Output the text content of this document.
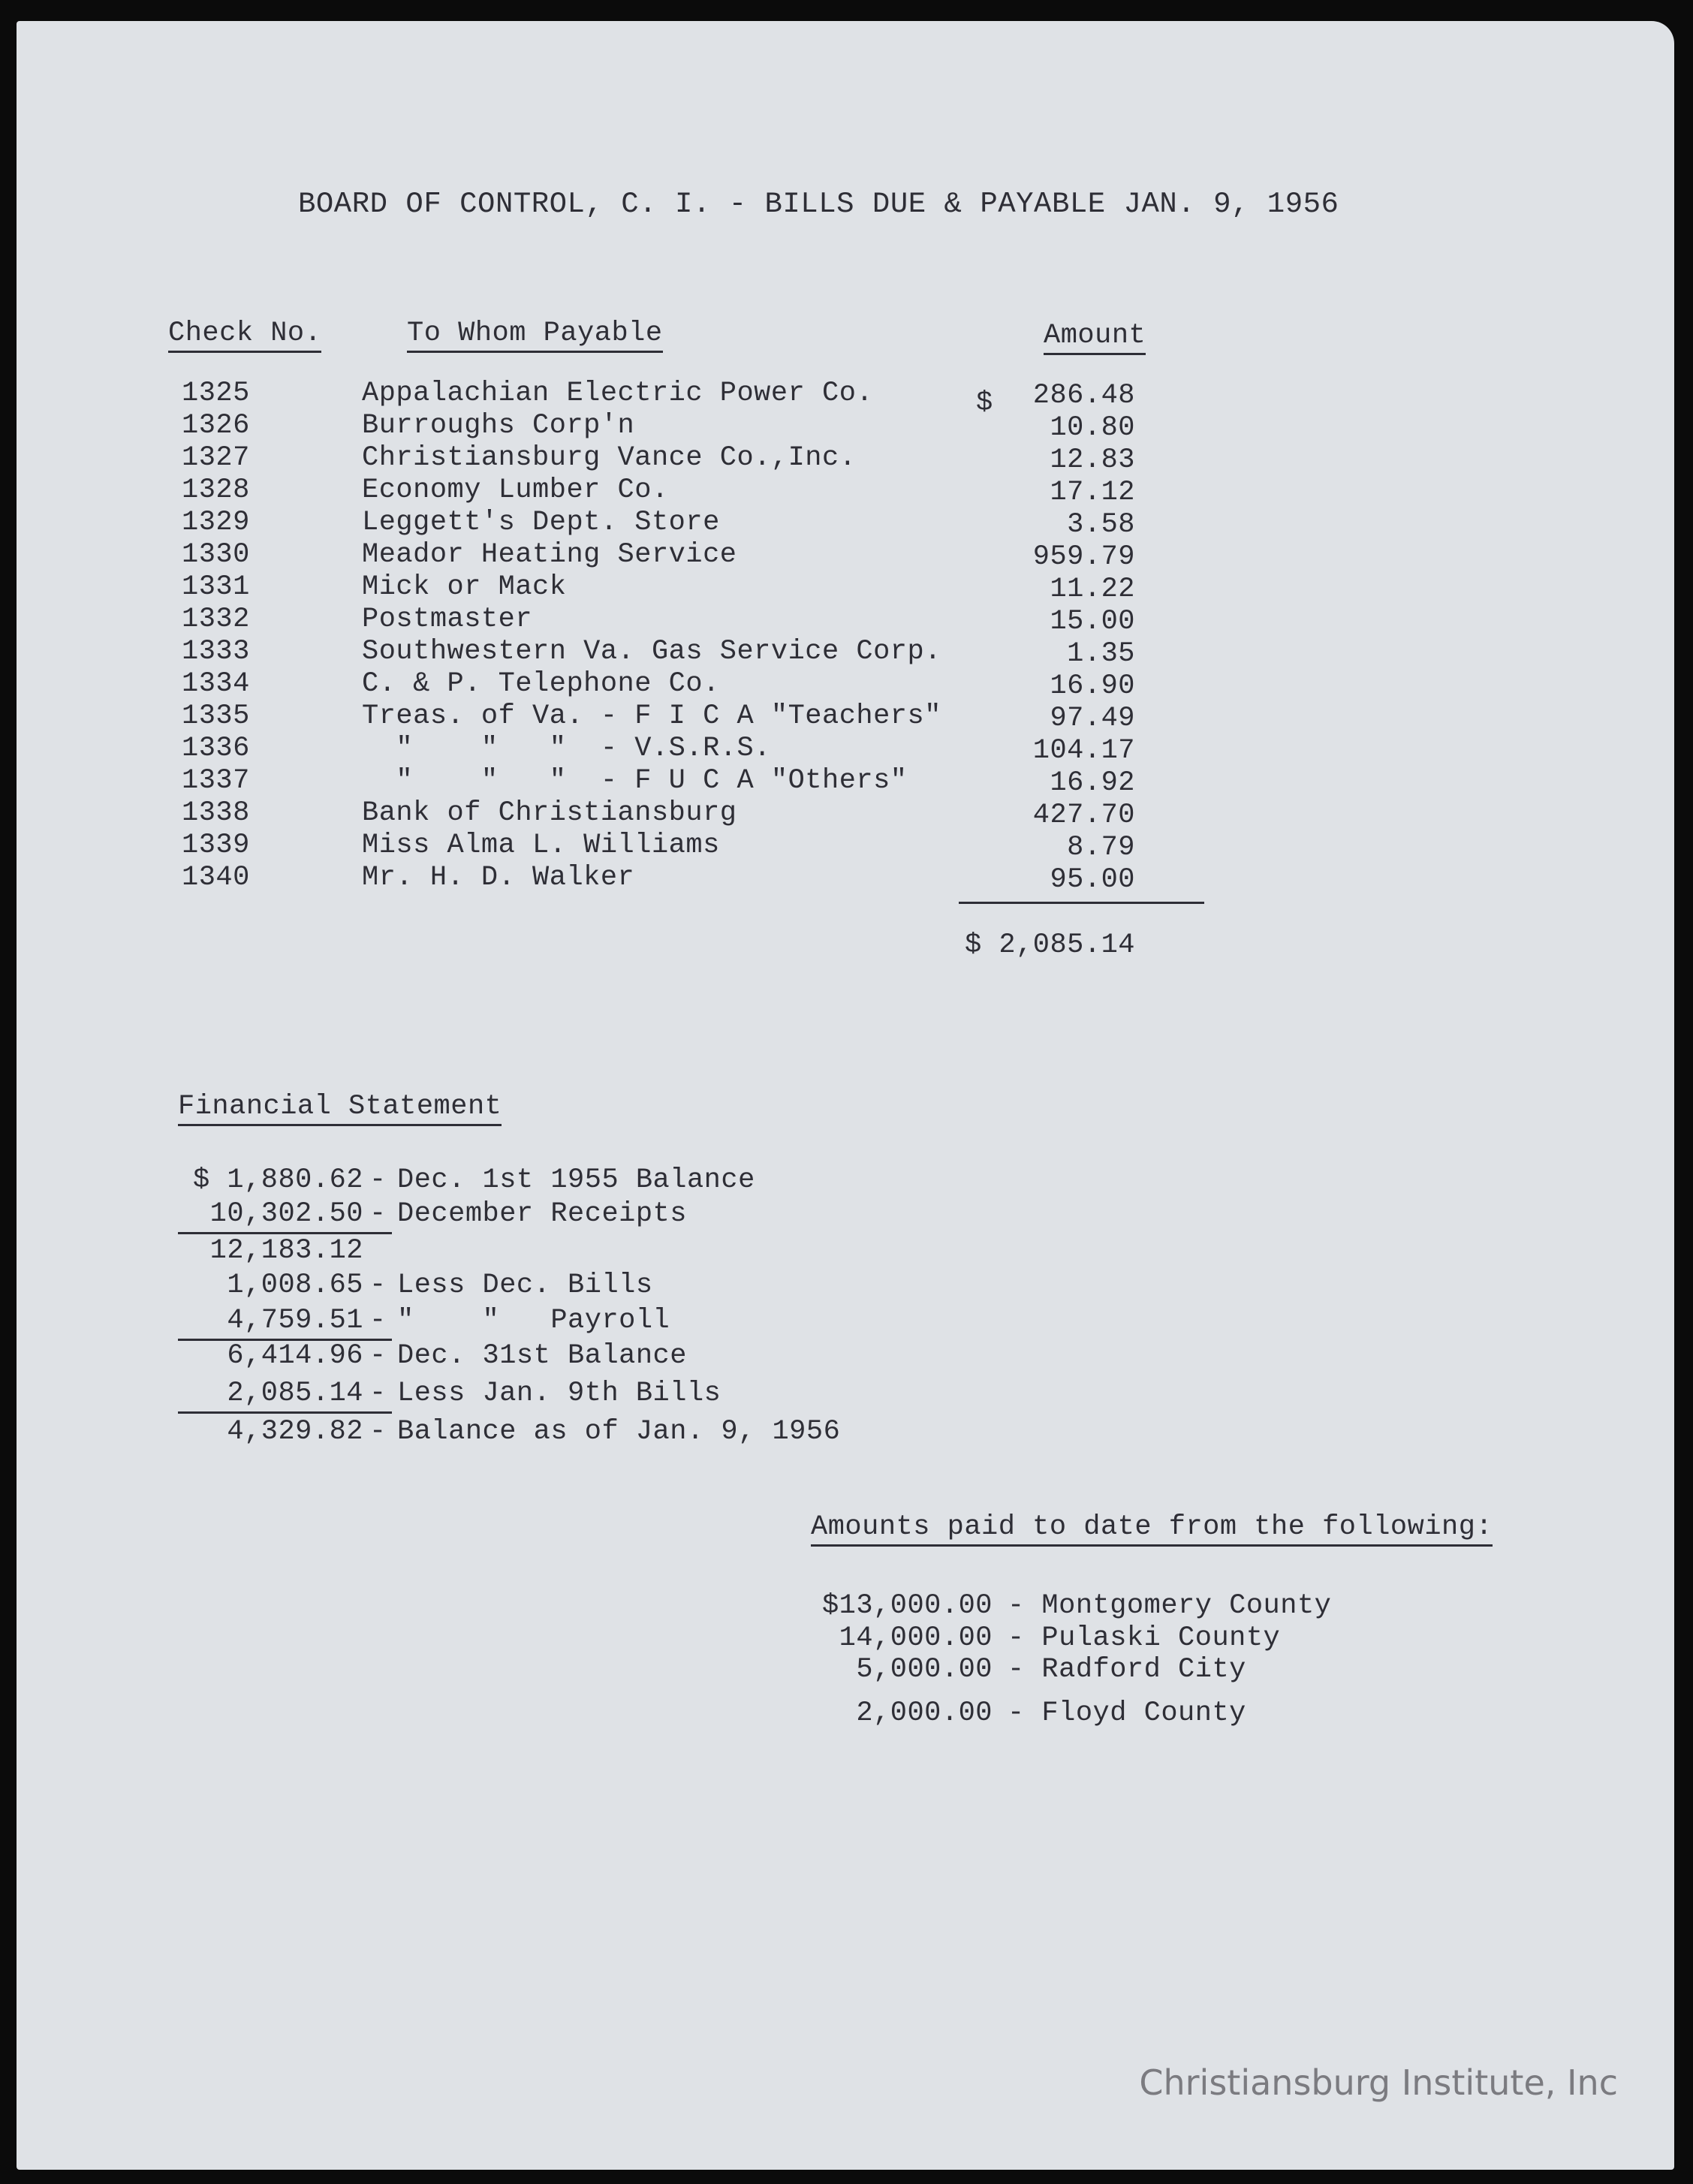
BOARD OF CONTROL, C. I. - BILLS DUE & PAYABLE JAN. 9, 1956
Check No.	To Whom Payable	Amount
$
1325	Appalachian Electric Power Co.	286.48
1326	Burroughs Corp'n	10.80
1327	Christiansburg Vance Co.,Inc.	12.83
1328	Economy Lumber Co.	17.12
1329	Leggett's Dept. Store	3.58
1330	Meador Heating Service	959.79
1331	Mick or Mack	11.22
1332	Postmaster	15.00
1333	Southwestern Va. Gas Service Corp.	1.35
1334	C. & P. Telephone Co.	16.90
1335	Treas. of Va. - F I C A "Teachers"	97.49
1336	"    "   "  - V.S.R.S.	104.17
1337	"    "   "  - F U C A "Others"	16.92
1338	Bank of Christiansburg	427.70
1339	Miss Alma L. Williams	8.79
1340	Mr. H. D. Walker	95.00
$ 2,085.14
Financial Statement
$ 1,880.62 - Dec. 1st 1955 Balance
10,302.50 - December Receipts
12,183.12
1,008.65 - Less Dec. Bills
4,759.51 - "    "   Payroll
6,414.96 - Dec. 31st Balance
2,085.14 - Less Jan. 9th Bills
4,329.82 - Balance as of Jan. 9, 1956
Amounts paid to date from the following:
$13,000.00 - Montgomery County
14,000.00 - Pulaski County
5,000.00 - Radford City
2,000.00 - Floyd County
Christiansburg Institute, Inc
